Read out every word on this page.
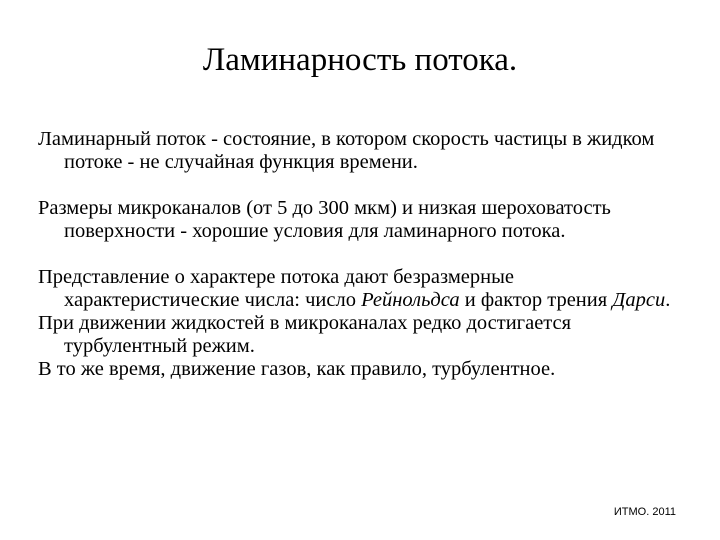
Ламинарность потока.

Ламинарный поток - состояние, в котором скорость частицы в жидком потоке - не случайная функция времени.

Размеры микроканалов (от 5 до 300 мкм) и низкая шероховатость поверхности - хорошие условия для ламинарного потока.

Представление о характере потока дают безразмерные характеристические числа: число Рейнольдса и фактор трения Дарси.

При движении жидкостей в микроканалах редко достигается турбулентный режим.

В то же время, движение газов, как правило, турбулентное.

ИТМО. 2011
